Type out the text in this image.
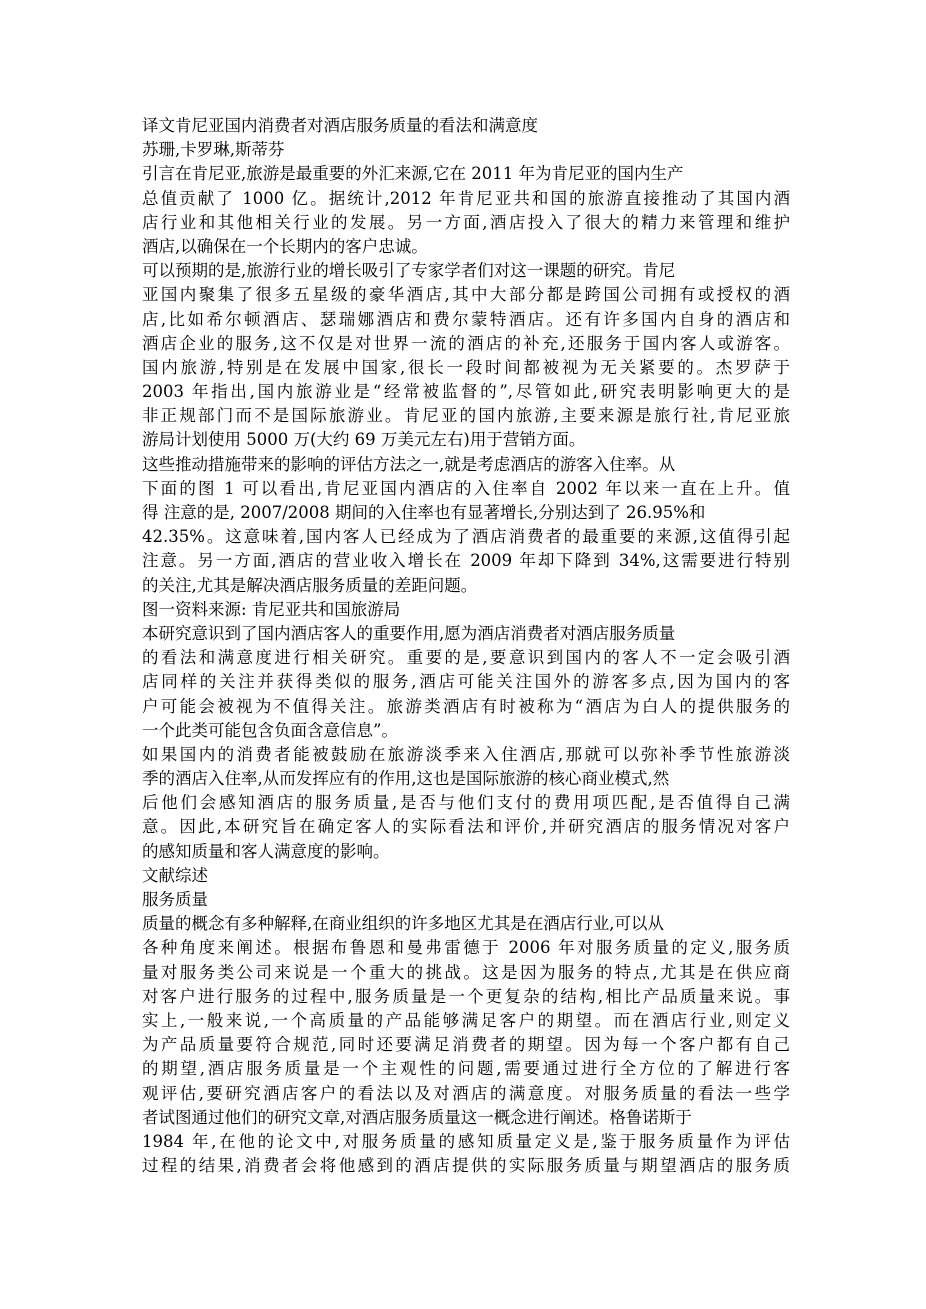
译文肯尼亚国内消费者对酒店服务质量的看法和满意度
苏珊,卡罗琳,斯蒂芬
引言在肯尼亚,旅游是最重要的外汇来源,它在 2011 年为肯尼亚的国内生产
总值贡献了 1000 亿。据统计,2012 年肯尼亚共和国的旅游直接推动了其国内酒
店行业和其他相关行业的发展。另一方面,酒店投入了很大的精力来管理和维护
酒店,以确保在一个长期内的客户忠诚。
可以预期的是,旅游行业的增长吸引了专家学者们对这一课题的研究。肯尼
亚国内聚集了很多五星级的豪华酒店,其中大部分都是跨国公司拥有或授权的酒
店,比如希尔顿酒店、瑟瑞娜酒店和费尔蒙特酒店。还有许多国内自身的酒店和
酒店企业的服务,这不仅是对世界一流的酒店的补充,还服务于国内客人或游客。
国内旅游,特别是在发展中国家,很长一段时间都被视为无关紧要的。杰罗萨于
2003 年指出,国内旅游业是“经常被监督的”,尽管如此,研究表明影响更大的是
非正规部门而不是国际旅游业。肯尼亚的国内旅游,主要来源是旅行社,肯尼亚旅
游局计划使用 5000 万(大约 69 万美元左右)用于营销方面。
这些推动措施带来的影响的评估方法之一,就是考虑酒店的游客入住率。从
下面的图 1 可以看出,肯尼亚国内酒店的入住率自 2002 年以来一直在上升。值
得 注意的是, 2007/2008 期间的入住率也有显著增长,分别达到了 26.95%和
42.35%。这意味着,国内客人已经成为了酒店消费者的最重要的来源,这值得引起
注意。另一方面,酒店的营业收入增长在 2009 年却下降到 34%,这需要进行特别
的关注,尤其是解决酒店服务质量的差距问题。
图一资料来源: 肯尼亚共和国旅游局
本研究意识到了国内酒店客人的重要作用,愿为酒店消费者对酒店服务质量
的看法和满意度进行相关研究。重要的是,要意识到国内的客人不一定会吸引酒
店同样的关注并获得类似的服务,酒店可能关注国外的游客多点,因为国内的客
户可能会被视为不值得关注。旅游类酒店有时被称为“酒店为白人的提供服务的
一个此类可能包含负面含意信息”。
如果国内的消费者能被鼓励在旅游淡季来入住酒店,那就可以弥补季节性旅游淡
季的酒店入住率,从而发挥应有的作用,这也是国际旅游的核心商业模式,然
后他们会感知酒店的服务质量,是否与他们支付的费用项匹配,是否值得自己满
意。因此,本研究旨在确定客人的实际看法和评价,并研究酒店的服务情况对客户
的感知质量和客人满意度的影响。
文献综述
服务质量
质量的概念有多种解释,在商业组织的许多地区尤其是在酒店行业,可以从
各种角度来阐述。根据布鲁恩和曼弗雷德于 2006 年对服务质量的定义,服务质
量对服务类公司来说是一个重大的挑战。这是因为服务的特点,尤其是在供应商
对客户进行服务的过程中,服务质量是一个更复杂的结构,相比产品质量来说。事
实上,一般来说,一个高质量的产品能够满足客户的期望。而在酒店行业,则定义
为产品质量要符合规范,同时还要满足消费者的期望。因为每一个客户都有自己
的期望,酒店服务质量是一个主观性的问题,需要通过进行全方位的了解进行客
观评估,要研究酒店客户的看法以及对酒店的满意度。对服务质量的看法一些学
者试图通过他们的研究文章,对酒店服务质量这一概念进行阐述。格鲁诺斯于
1984 年,在他的论文中,对服务质量的感知质量定义是,鉴于服务质量作为评估
过程的结果,消费者会将他感到的酒店提供的实际服务质量与期望酒店的服务质
